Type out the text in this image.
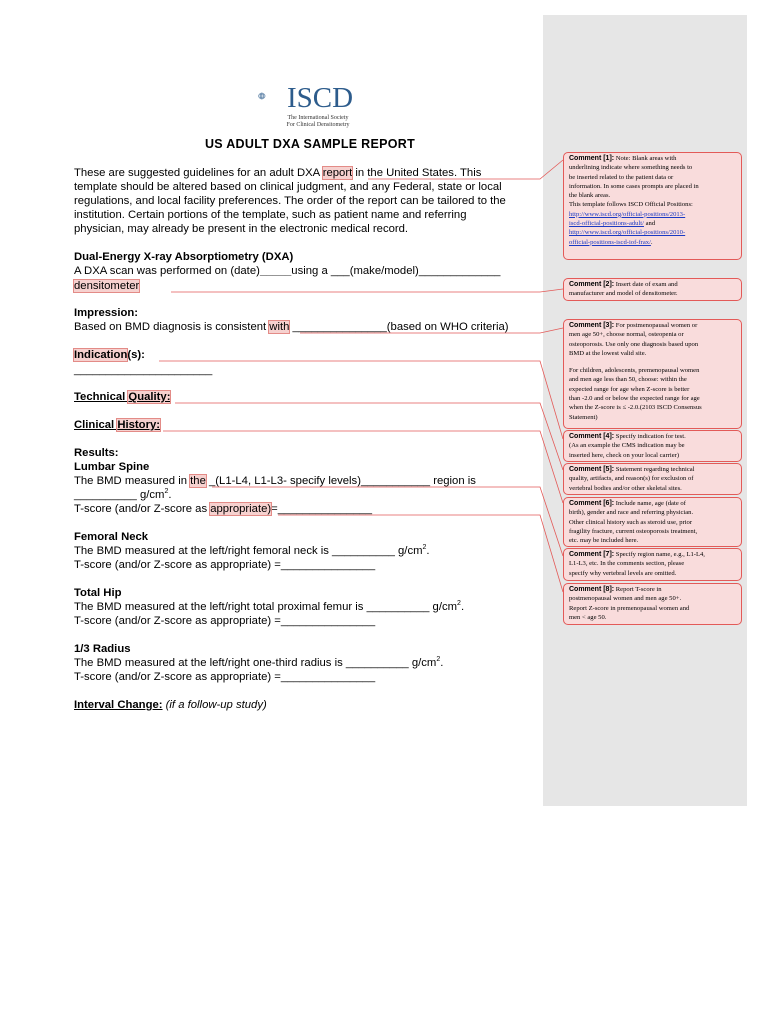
ISCD
The International Society
For Clinical Densitometry
US ADULT DXA SAMPLE REPORT
These are suggested guidelines for an adult DXA report in the United States. This
template should be altered based on clinical judgment, and any Federal, state or local
regulations, and local facility preferences. The order of the report can be tailored to the
institution. Certain portions of the template, such as patient name and referring
physician, may already be present in the electronic medical record.
Dual-Energy X-ray Absorptiometry (DXA)
A DXA scan was performed on (date)_____using a ___(make/model)_____________
densitometer
Impression:
Based on BMD diagnosis is consistent with _______________(based on WHO criteria)
Indication(s):
______________________
Technical Quality:
Clinical History:
Results:
Lumbar Spine
The BMD measured in the _(L1-L4, L1-L3- specify levels)___________ region is
__________ $g/cm^2$.
T-score (and/or Z-score as appropriate)=_______________
Femoral Neck
The BMD measured at the left/right femoral neck is __________ $g/cm^2$.
T-score (and/or Z-score as appropriate) =_______________
Total Hip
The BMD measured at the left/right total proximal femur is __________ $g/cm^2$.
T-score (and/or Z-score as appropriate) =_______________
1/3 Radius
The BMD measured at the left/right one-third radius is __________ $g/cm^2$.
T-score (and/or Z-score as appropriate) =_______________
Interval Change: (if a follow-up study)
Comment [1]: Note: Blank areas with
underlining indicate where something needs to
be inserted related to the patient data or
information. In some cases prompts are placed in
the blank areas.
This template follows ISCD Official Positions:
http://www.iscd.org/official-positions/2013-
iscd-official-positions-adult/ and
http://www.iscd.org/official-positions/2010-
official-positions-iscd-iof-frax/.
Comment [2]: Insert date of exam and
manufacturer and model of densitometer.
Comment [3]: For postmenopausal women or
men age 50+, choose normal, osteopenia or
osteoporosis. Use only one diagnosis based upon
BMD at the lowest valid site.
For children, adolescents, premenopausal women
and men age less than 50, choose: within the
expected range for age when Z-score is better
than -2.0 and or below the expected range for age
when the Z-score is ≤ -2.0.(2103 ISCD Consensus
Statement)
Comment [4]: Specify indication for test.
(As an example the CMS indication may be
inserted here, check on your local carrier)
Comment [5]: Statement regarding technical
quality, artifacts, and reason(s) for exclusion of
vertebral bodies and/or other skeletal sites.
Comment [6]: Include name, age (date of
birth), gender and race and referring physician.
Other clinical history such as steroid use, prior
fragility fracture, current osteoporosis treatment,
etc. may be included here.
Comment [7]: Specify region name, e.g., L1-L4,
L1-L3, etc. In the comments section, please
specify why vertebral levels are omitted.
Comment [8]: Report T-score in
postmenopausal women and men age 50+.
Report Z-score in premenopausal women and
men < age 50.
